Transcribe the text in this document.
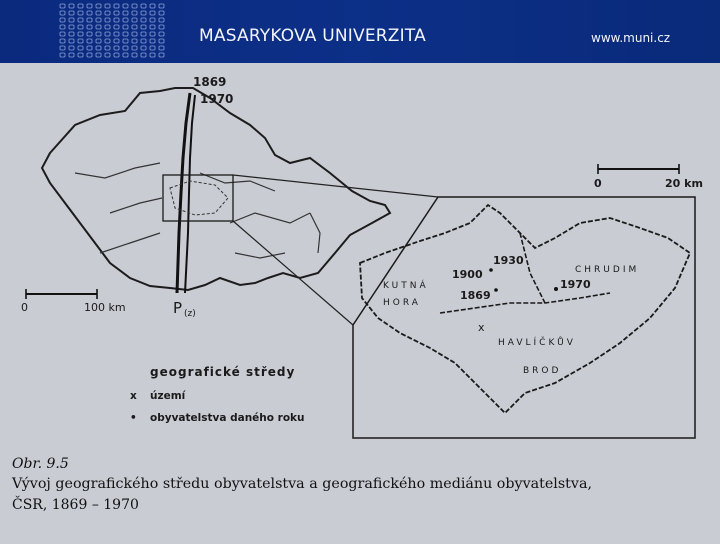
MASARYKOVA UNIVERZITA	www.muni.cz
1869
1970
P (z)
0	100 km
0	20 km
KUTNÁ
HORA
CHRUDIM
HAVLÍČKŮV
BROD
1930
1900
1869
1970
x
geografické středy
x území
• obyvatelstva daného roku
Obr. 9.5
Vývoj geografického středu obyvatelstva a geografického mediánu obyvatelstva,
ČSR, 1869 – 1970
